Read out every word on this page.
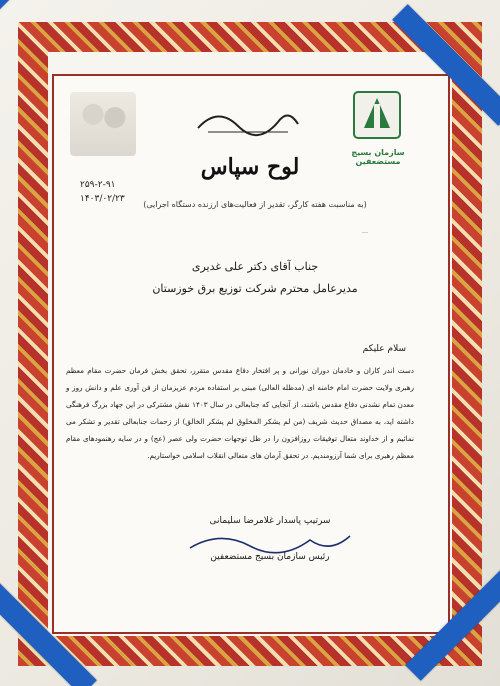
سازمان بسیج مستضعفین
لوح سپاس
۲۵۹-۲-۹۱
۱۴۰۳/۰۲/۲۳
(به مناسبت هفته کارگر، تقدیر از فعالیت‌های ارزنده دستگاه اجرایی)
…
جناب آقای دکتر علی غدیری
مدیرعامل محترم شرکت توزیع برق خوزستان
سلام علیکم
دست اندر کاران و خادمان دوران نورانی و پر افتخار دفاع مقدس متقرر، تحقق بخش فرمان حضرت مقام معظم رهبری ولایت حضرت امام خامنه ای (مدظله العالی) مبنی بر استفاده مردم عزیزمان از فن آوری علم و دانش روز و معدن تمام نشدنی دفاع مقدس باشند، از آنجایی که جنابعالی در سال ۱۴۰۳ نقش مشترکی در این جهاد بزرگ فرهنگی داشته اید، به مصداق حدیث شریف (من لم یشکر المخلوق لم یشکر الخالق) از زحمات جنابعالی تقدیر و تشکر می نمائیم و از خداوند متعال توفیقات روزافزون را در ظل توجهات حضرت ولی عصر (عج) و در سایه رهنمودهای مقام معظم رهبری برای شما آرزومندیم. در تحقق آرمان های متعالی انقلاب اسلامی خواستاریم.
سرتیپ پاسدار غلامرضا سلیمانی
رئیس سازمان بسیج مستضعفین
